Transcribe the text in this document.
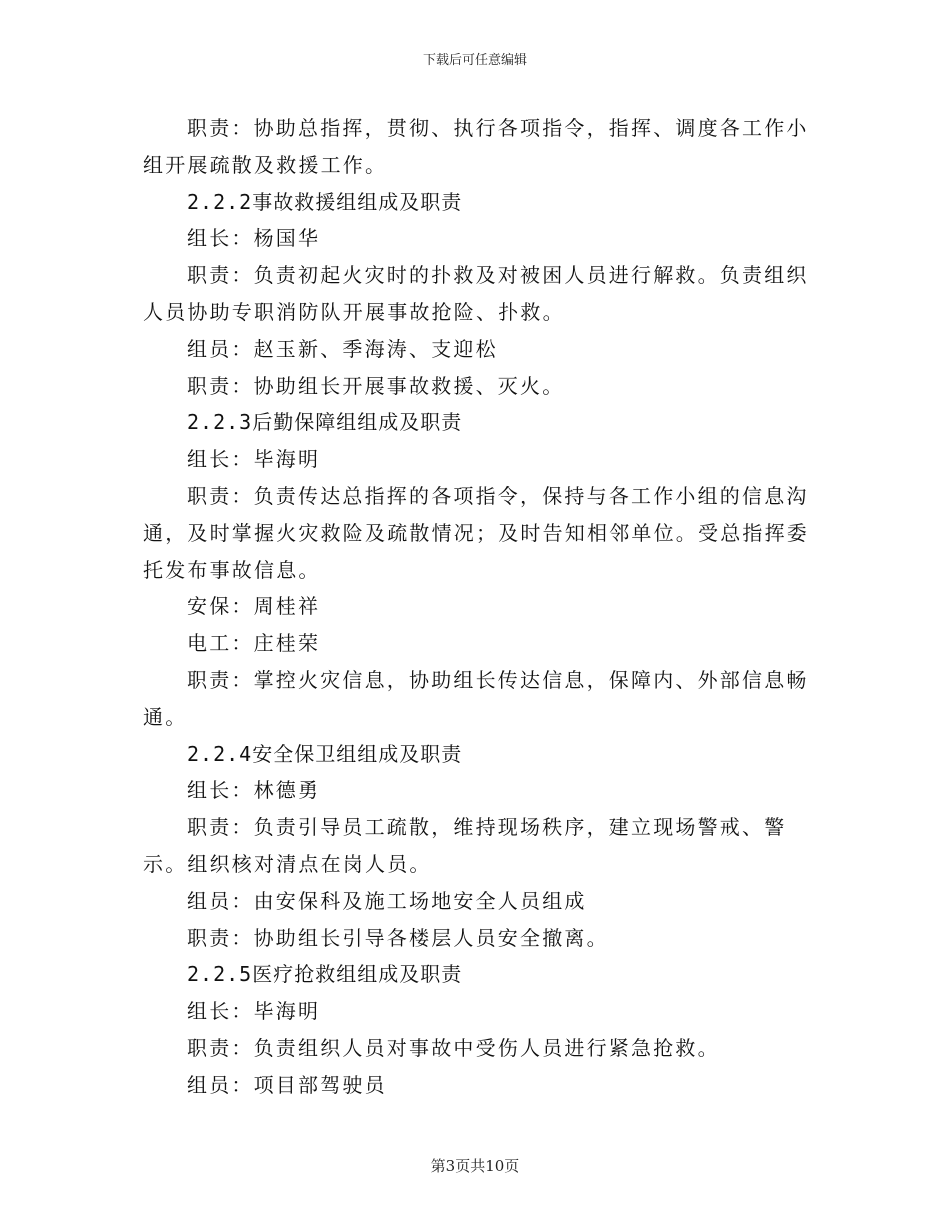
下载后可任意编辑

职责：协助总指挥，贯彻、执行各项指令，指挥、调度各工作小组开展疏散及救援工作。

2.2.2事故救援组组成及职责

组长：杨国华

职责：负责初起火灾时的扑救及对被困人员进行解救。负责组织人员协助专职消防队开展事故抢险、扑救。

组员：赵玉新、季海涛、支迎松

职责：协助组长开展事故救援、灭火。

2.2.3后勤保障组组成及职责

组长：毕海明

职责：负责传达总指挥的各项指令，保持与各工作小组的信息沟通，及时掌握火灾救险及疏散情况；及时告知相邻单位。受总指挥委托发布事故信息。

安保：周桂祥

电工：庄桂荣

职责：掌控火灾信息，协助组长传达信息，保障内、外部信息畅通。

2.2.4安全保卫组组成及职责

组长：林德勇

职责：负责引导员工疏散，维持现场秩序，建立现场警戒、警示。组织核对清点在岗人员。

组员：由安保科及施工场地安全人员组成

职责：协助组长引导各楼层人员安全撤离。

2.2.5医疗抢救组组成及职责

组长：毕海明

职责：负责组织人员对事故中受伤人员进行紧急抢救。

组员：项目部驾驶员

第3页共10页
